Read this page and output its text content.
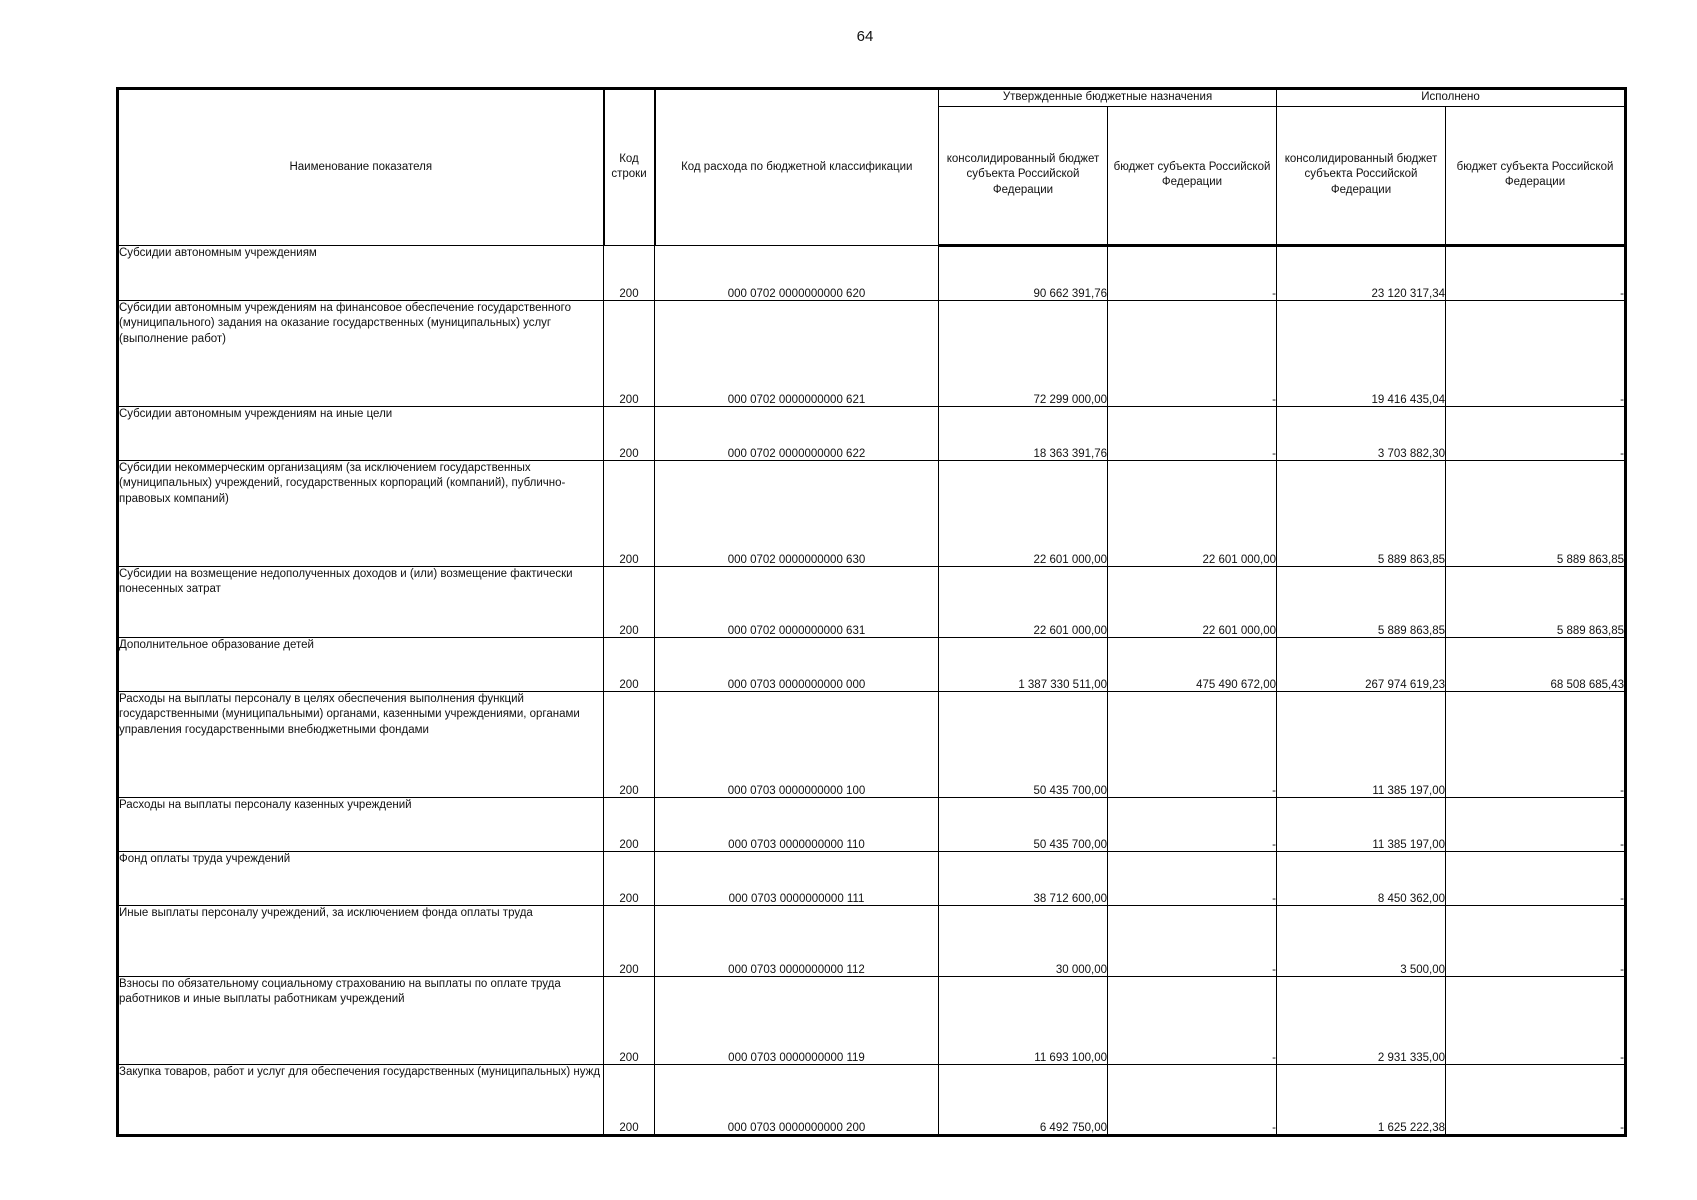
64
Наименование показателя	Код строки	Код расхода по бюджетной классификации	Утвержденные бюджетные назначения		Исполнено	
			консолидированный бюджет субъекта Российской Федерации	бюджет субъекта Российской Федерации	консолидированный бюджет субъекта Российской Федерации	бюджет субъекта Российской Федерации
Субсидии автономным учреждениям	200	000 0702 0000000000 620	90 662 391,76	-	23 120 317,34	-
Субсидии автономным учреждениям на финансовое обеспечение государственного (муниципального) задания на оказание государственных (муниципальных) услуг (выполнение работ)	200	000 0702 0000000000 621	72 299 000,00	-	19 416 435,04	-
Субсидии автономным учреждениям на иные цели	200	000 0702 0000000000 622	18 363 391,76	-	3 703 882,30	-
Субсидии некоммерческим организациям (за исключением государственных (муниципальных) учреждений, государственных корпораций (компаний), публично-правовых компаний)	200	000 0702 0000000000 630	22 601 000,00	22 601 000,00	5 889 863,85	5 889 863,85
Субсидии на возмещение недополученных доходов и (или) возмещение фактически понесенных затрат	200	000 0702 0000000000 631	22 601 000,00	22 601 000,00	5 889 863,85	5 889 863,85
Дополнительное образование детей	200	000 0703 0000000000 000	1 387 330 511,00	475 490 672,00	267 974 619,23	68 508 685,43
Расходы на выплаты персоналу в целях обеспечения выполнения функций государственными (муниципальными) органами, казенными учреждениями, органами управления государственными внебюджетными фондами	200	000 0703 0000000000 100	50 435 700,00	-	11 385 197,00	-
Расходы на выплаты персоналу казенных учреждений	200	000 0703 0000000000 110	50 435 700,00	-	11 385 197,00	-
Фонд оплаты труда учреждений	200	000 0703 0000000000 111	38 712 600,00	-	8 450 362,00	-
Иные выплаты персоналу учреждений, за исключением фонда оплаты труда	200	000 0703 0000000000 112	30 000,00	-	3 500,00	-
Взносы по обязательному социальному страхованию на выплаты по оплате труда работников и иные выплаты работникам учреждений	200	000 0703 0000000000 119	11 693 100,00	-	2 931 335,00	-
Закупка товаров, работ и услуг для обеспечения государственных (муниципальных) нужд	200	000 0703 0000000000 200	6 492 750,00	-	1 625 222,38	-
